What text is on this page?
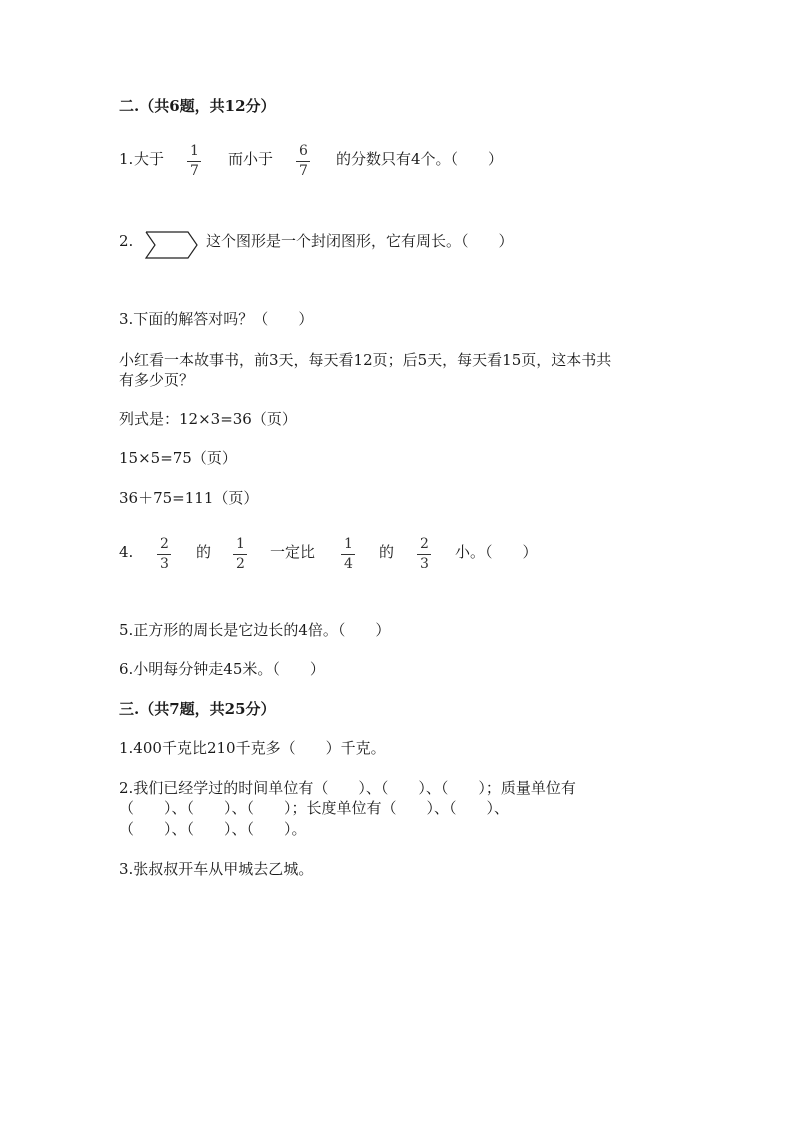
二.（共6题，共12分）
1. 大于 1
7
而小于 6
7
的分数只有4个。（　　）
2.	这个图形是一个封闭图形，它有周长。（　　）
3.下面的解答对吗？（　　）
小红看一本故事书，前3天，每天看12页；后5天，每天看15页，这本书共
有多少页？
列式是：12×3=36（页）
15×5=75（页）
36＋75=111（页）
4. 2
3
的 1
2
一定比 1
4
的 2
3
小。（　　）
5.正方形的周长是它边长的4倍。（　　）
6.小明每分钟走45米。（　　）
三.（共7题，共25分）
1.400千克比210千克多（　　）千克。
2.我们已经学过的时间单位有（　　）、（　　）、（　　）；质量单位有
（　　）、（　　）、（　　）；长度单位有（　　）、（　　）、
（　　）、（　　）、（　　）。
3.张叔叔开车从甲城去乙城。
